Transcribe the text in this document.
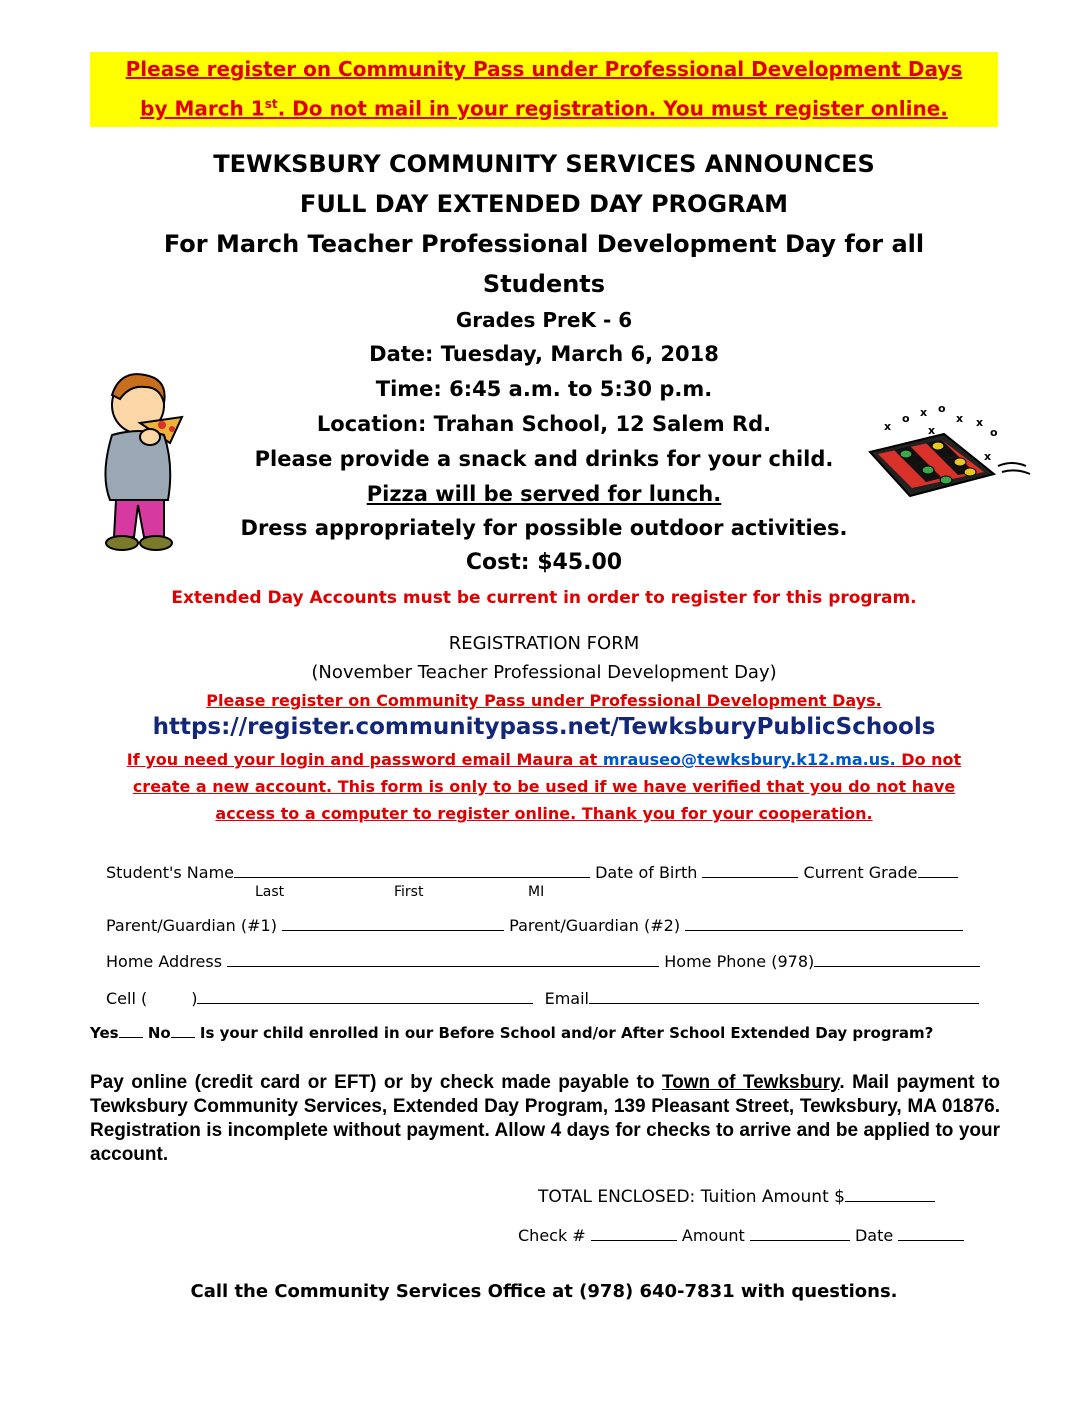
Please register on Community Pass under Professional Development Days
by March 1st. Do not mail in your registration. You must register online.
TEWKSBURY COMMUNITY SERVICES ANNOUNCES
FULL DAY EXTENDED DAY PROGRAM
For March Teacher Professional Development Day for all
Students
Grades PreK - 6
Date: Tuesday, March 6, 2018
Time: 6:45 a.m. to 5:30 p.m.
Location: Trahan School, 12 Salem Rd.
Please provide a snack and drinks for your child.
Pizza will be served for lunch.
Dress appropriately for possible outdoor activities.
Cost: $45.00
Extended Day Accounts must be current in order to register for this program.
x
o x o
x x
o
x
x
REGISTRATION FORM
(November Teacher Professional Development Day)
Please register on Community Pass under Professional Development Days.
https://register.communitypass.net/TewksburyPublicSchools
If you need your login and password email Maura at mrauseo@tewksbury.k12.ma.us. Do not
create a new account. This form is only to be used if we have verified that you do not have
access to a computer to register online. Thank you for your cooperation.
Student's Name	Date of Birth	Current Grade
Last	First	MI
Parent/Guardian (#1)	Parent/Guardian (#2)
Home Address	Home Phone (978)
Cell (	)	Email
Yes No Is your child enrolled in our Before School and/or After School Extended Day program?
Pay online (credit card or EFT) or by check made payable to Town of Tewksbury. Mail payment to Tewksbury Community Services, Extended Day Program, 139 Pleasant Street, Tewksbury, MA 01876. Registration is incomplete without payment. Allow 4 days for checks to arrive and be applied to your account.
TOTAL ENCLOSED: Tuition Amount $
Check #	Amount	Date
Call the Community Services Office at (978) 640-7831 with questions.
